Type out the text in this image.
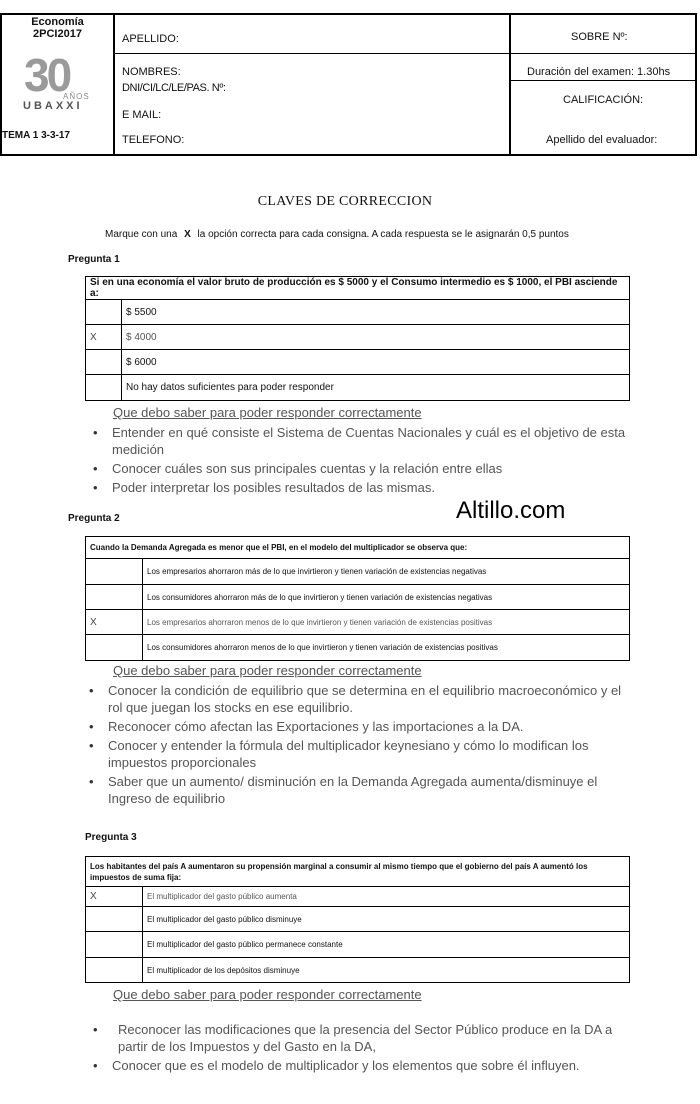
Economía
2PCI2017
30
AÑOS
UBAXXI
TEMA 1 3-3-17
APELLIDO:
NOMBRES:
DNI/CI/LC/LE/PAS. Nº:
E MAIL:
TELEFONO:
SOBRE Nº:
Duración del examen: 1.30hs
CALIFICACIÓN:
Apellido del evaluador:
CLAVES DE CORRECCION
Marque con una X la opción correcta para cada consigna. A cada respuesta se le asignarán 0,5 puntos
Pregunta 1
Si en una economía el valor bruto de producción es $ 5000 y el Consumo intermedio es $ 1000, el PBI asciende a:	
	$ 5500
X	$ 4000
	$ 6000
	No hay datos suficientes para poder responder
Que debo saber para poder responder correctamente
• Entender en qué consiste el Sistema de Cuentas Nacionales y cuál es el objetivo de esta medición
• Conocer cuáles son sus principales cuentas y la relación entre ellas
• Poder interpretar los posibles resultados de las mismas.
Altillo.com
Pregunta 2
Cuando la Demanda Agregada es menor que el PBI, en el modelo del multiplicador se observa que:	
	Los empresarios ahorraron más de lo que invirtieron y tienen variación de existencias negativas
	Los consumidores ahorraron más de lo que invirtieron y tienen variación de existencias negativas
X	Los empresarios ahorraron menos de lo que invirtieron y tienen variación de existencias positivas
	Los consumidores ahorraron menos de lo que invirtieron y tienen variación de existencias positivas
Que debo saber para poder responder correctamente
• Conocer la condición de equilibrio que se determina en el equilibrio macroeconómico y el rol que juegan los stocks en ese equilibrio.
• Reconocer cómo afectan las Exportaciones y las importaciones a la DA.
• Conocer y entender la fórmula del multiplicador keynesiano y cómo lo modifican los impuestos proporcionales
• Saber que un aumento/ disminución en la Demanda Agregada aumenta/disminuye el Ingreso de equilibrio
Pregunta 3
Los habitantes del país A aumentaron su propensión marginal a consumir al mismo tiempo que el gobierno del país A aumentó los impuestos de suma fija:	
X	El multiplicador del gasto público aumenta
	El multiplicador del gasto público disminuye
	El multiplicador del gasto público permanece constante
	El multiplicador de los depósitos disminuye
Que debo saber para poder responder correctamente
• Reconocer las modificaciones que la presencia del Sector Público produce en la DA a partir de los Impuestos y del Gasto en la DA,
• Conocer que es el modelo de multiplicador y los elementos que sobre él influyen.
